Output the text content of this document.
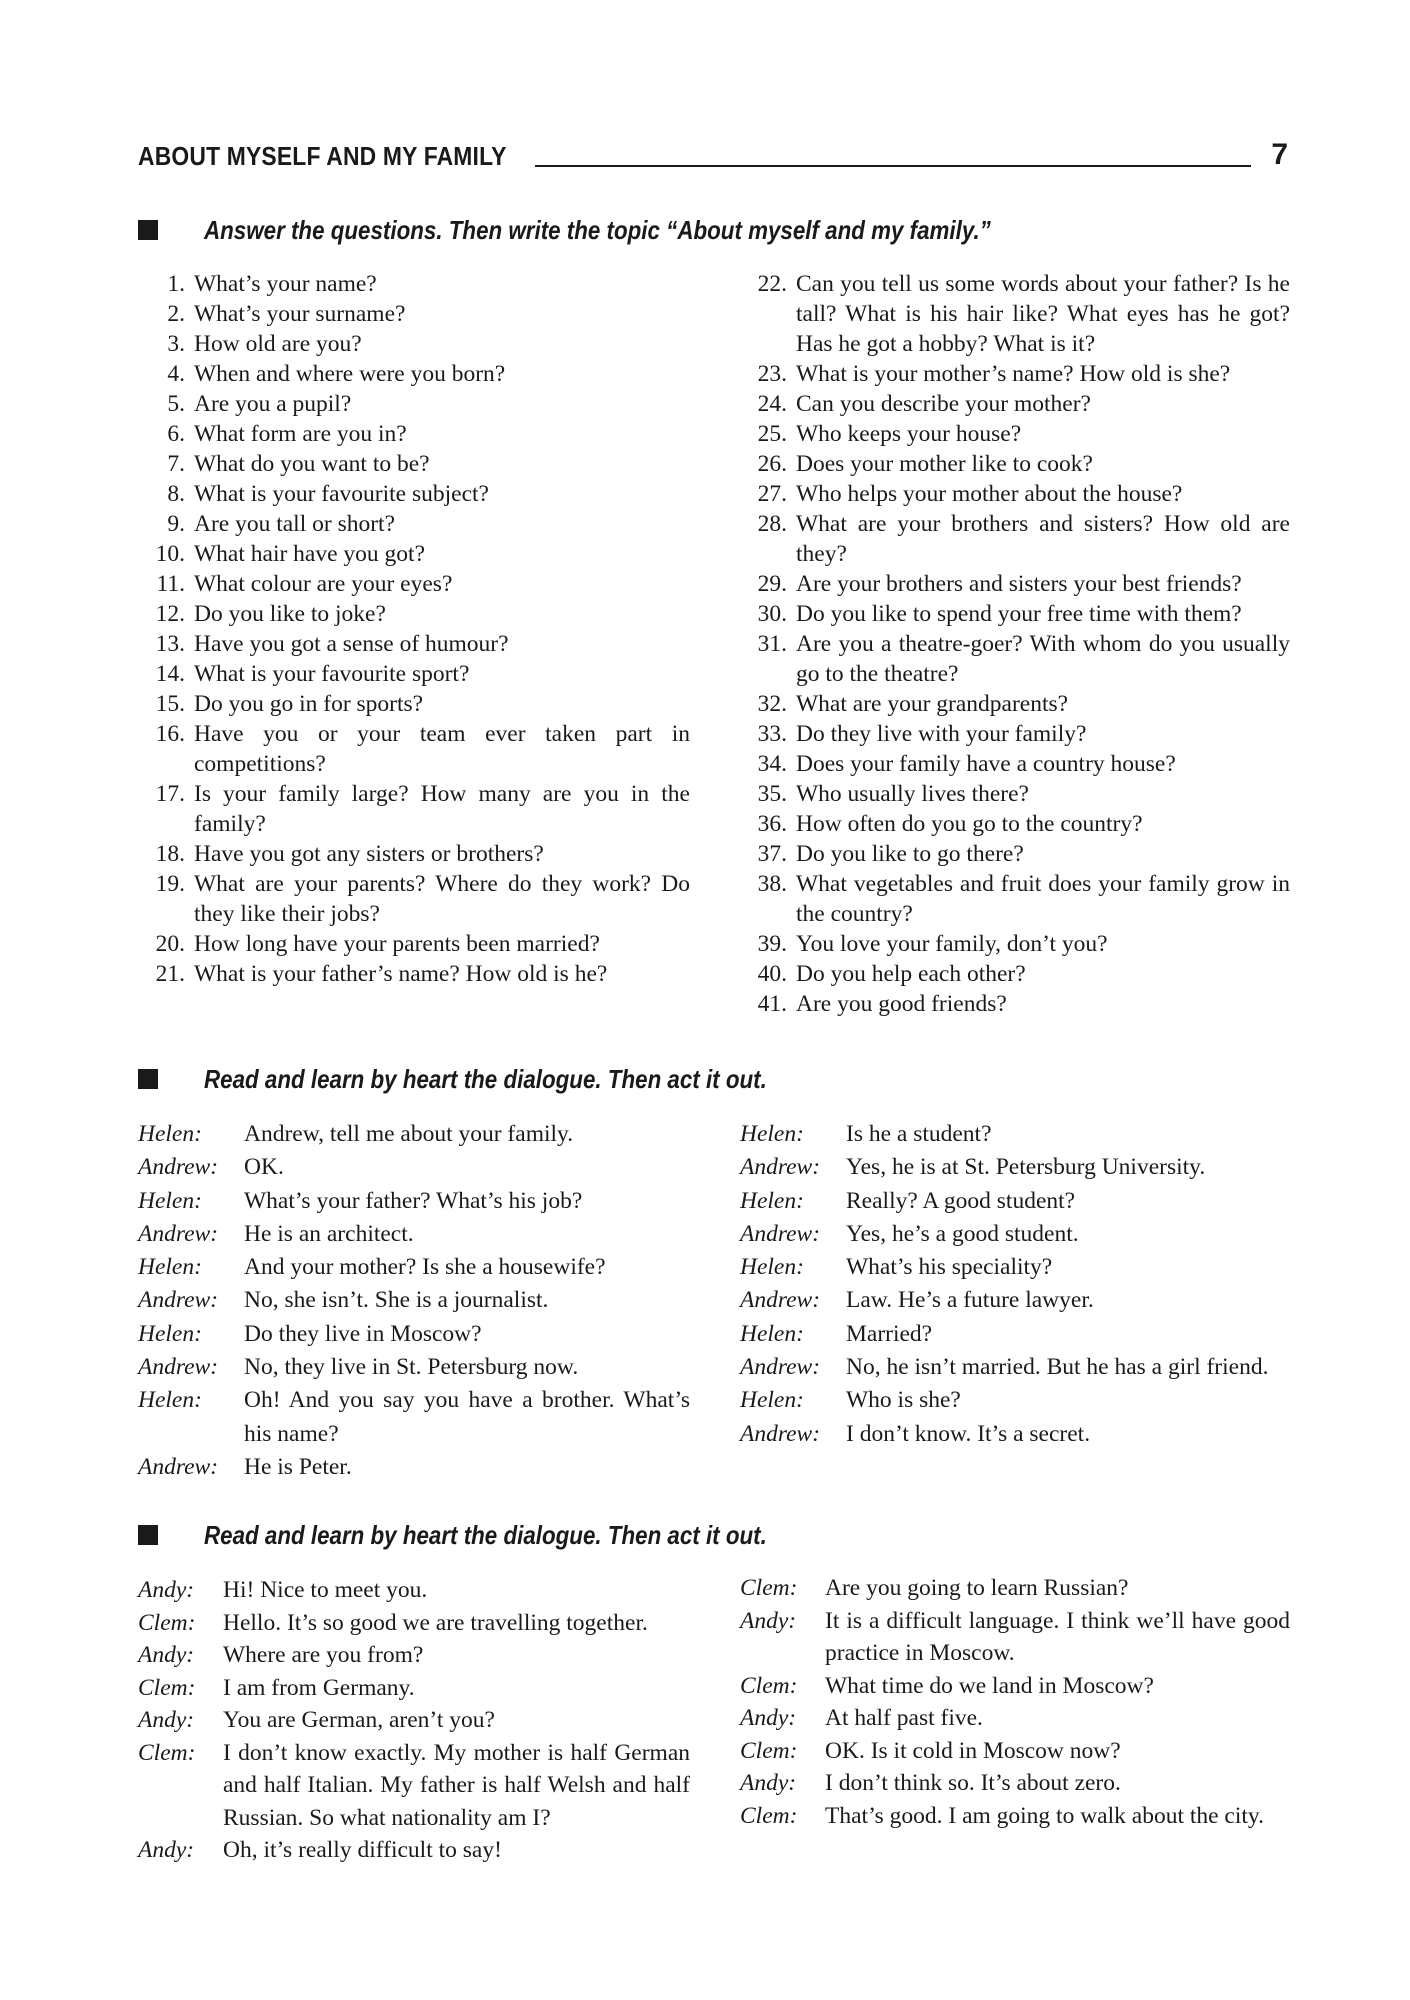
ABOUT MYSELF AND MY FAMILY	7
Answer the questions. Then write the topic “About myself and my family.”
1. What’s your name?
2. What’s your surname?
3. How old are you?
4. When and where were you born?
5. Are you a pupil?
6. What form are you in?
7. What do you want to be?
8. What is your favourite subject?
9. Are you tall or short?
10. What hair have you got?
11. What colour are your eyes?
12. Do you like to joke?
13. Have you got a sense of humour?
14. What is your favourite sport?
15. Do you go in for sports?
16. Have you or your team ever taken part in competitions?
17. Is your family large? How many are you in the family?
18. Have you got any sisters or brothers?
19. What are your parents? Where do they work? Do they like their jobs?
20. How long have your parents been married?
21. What is your father’s name? How old is he?
22. Can you tell us some words about your father? Is he tall? What is his hair like? What eyes has he got? Has he got a hobby? What is it?
23. What is your mother’s name? How old is she?
24. Can you describe your mother?
25. Who keeps your house?
26. Does your mother like to cook?
27. Who helps your mother about the house?
28. What are your brothers and sisters? How old are they?
29. Are your brothers and sisters your best friends?
30. Do you like to spend your free time with them?
31. Are you a theatre-goer? With whom do you usually go to the theatre?
32. What are your grandparents?
33. Do they live with your family?
34. Does your family have a country house?
35. Who usually lives there?
36. How often do you go to the country?
37. Do you like to go there?
38. What vegetables and fruit does your family grow in the country?
39. You love your family, don’t you?
40. Do you help each other?
41. Are you good friends?
Read and learn by heart the dialogue. Then act it out.
Helen:	Andrew, tell me about your family.
Andrew:	OK.
Helen:	What’s your father? What’s his job?
Andrew:	He is an architect.
Helen:	And your mother? Is she a housewife?
Andrew:	No, she isn’t. She is a journalist.
Helen:	Do they live in Moscow?
Andrew:	No, they live in St. Petersburg now.
Helen:	Oh! And you say you have a brother. What’s his name?
Andrew:	He is Peter.
Helen:	Is he a student?
Andrew:	Yes, he is at St. Petersburg University.
Helen:	Really? A good student?
Andrew:	Yes, he’s a good student.
Helen:	What’s his speciality?
Andrew:	Law. He’s a future lawyer.
Helen:	Married?
Andrew:	No, he isn’t married. But he has a girl friend.
Helen:	Who is she?
Andrew:	I don’t know. It’s a secret.
Read and learn by heart the dialogue. Then act it out.
Andy:	Hi! Nice to meet you.
Clem:	Hello. It’s so good we are travelling together.
Andy:	Where are you from?
Clem:	I am from Germany.
Andy:	You are German, aren’t you?
Clem:	I don’t know exactly. My mother is half German and half Italian. My father is half Welsh and half Russian. So what nationality am I?
Andy:	Oh, it’s really difficult to say!
Clem:	Are you going to learn Russian?
Andy:	It is a difficult language. I think we’ll have good practice in Moscow.
Clem:	What time do we land in Moscow?
Andy:	At half past five.
Clem:	OK. Is it cold in Moscow now?
Andy:	I don’t think so. It’s about zero.
Clem:	That’s good. I am going to walk about the city.
